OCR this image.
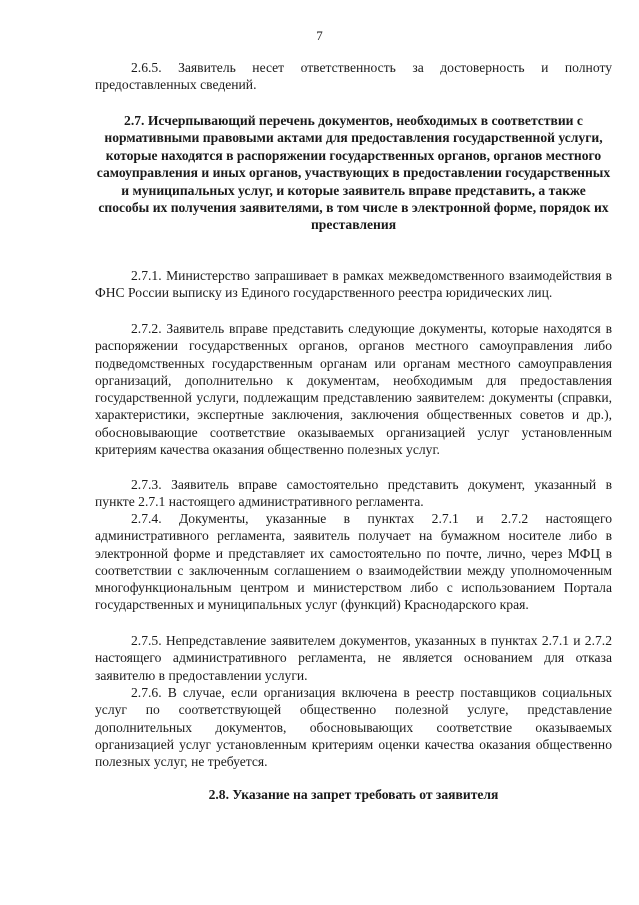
7

2.6.5. Заявитель несет ответственность за достоверность и полноту предоставленных сведений.

2.7. Исчерпывающий перечень документов, необходимых в соответствии с нормативными правовыми актами для предоставления государственной услуги, которые находятся в распоряжении государственных органов, органов местного самоуправления и иных органов, участвующих в предоставлении государственных и муниципальных услуг, и которые заявитель вправе представить, а также способы их получения заявителями, в том числе в электронной форме, порядок их преставления

2.7.1. Министерство запрашивает в рамках межведомственного взаимодействия в ФНС России выписку из Единого государственного реестра юридических лиц.

2.7.2. Заявитель вправе представить следующие документы, которые находятся в распоряжении государственных органов, органов местного самоуправления либо подведомственных государственным органам или органам местного самоуправления организаций, дополнительно к документам, необходимым для предоставления государственной услуги, подлежащим представлению заявителем: документы (справки, характеристики, экспертные заключения, заключения общественных советов и др.), обосновывающие соответствие оказываемых организацией услуг установленным критериям качества оказания общественно полезных услуг.

2.7.3. Заявитель вправе самостоятельно представить документ, указанный в пункте 2.7.1 настоящего административного регламента.

2.7.4. Документы, указанные в пунктах 2.7.1 и 2.7.2 настоящего административного регламента, заявитель получает на бумажном носителе либо в электронной форме и представляет их самостоятельно по почте, лично, через МФЦ в соответствии с заключенным соглашением о взаимодействии между уполномоченным многофункциональным центром и министерством либо с использованием Портала государственных и муниципальных услуг (функций) Краснодарского края.

2.7.5. Непредставление заявителем документов, указанных в пунктах 2.7.1 и 2.7.2 настоящего административного регламента, не является основанием для отказа заявителю в предоставлении услуги.

2.7.6. В случае, если организация включена в реестр поставщиков социальных услуг по соответствующей общественно полезной услуге, представление дополнительных документов, обосновывающих соответствие оказываемых организацией услуг установленным критериям оценки качества оказания общественно полезных услуг, не требуется.

2.8. Указание на запрет требовать от заявителя
